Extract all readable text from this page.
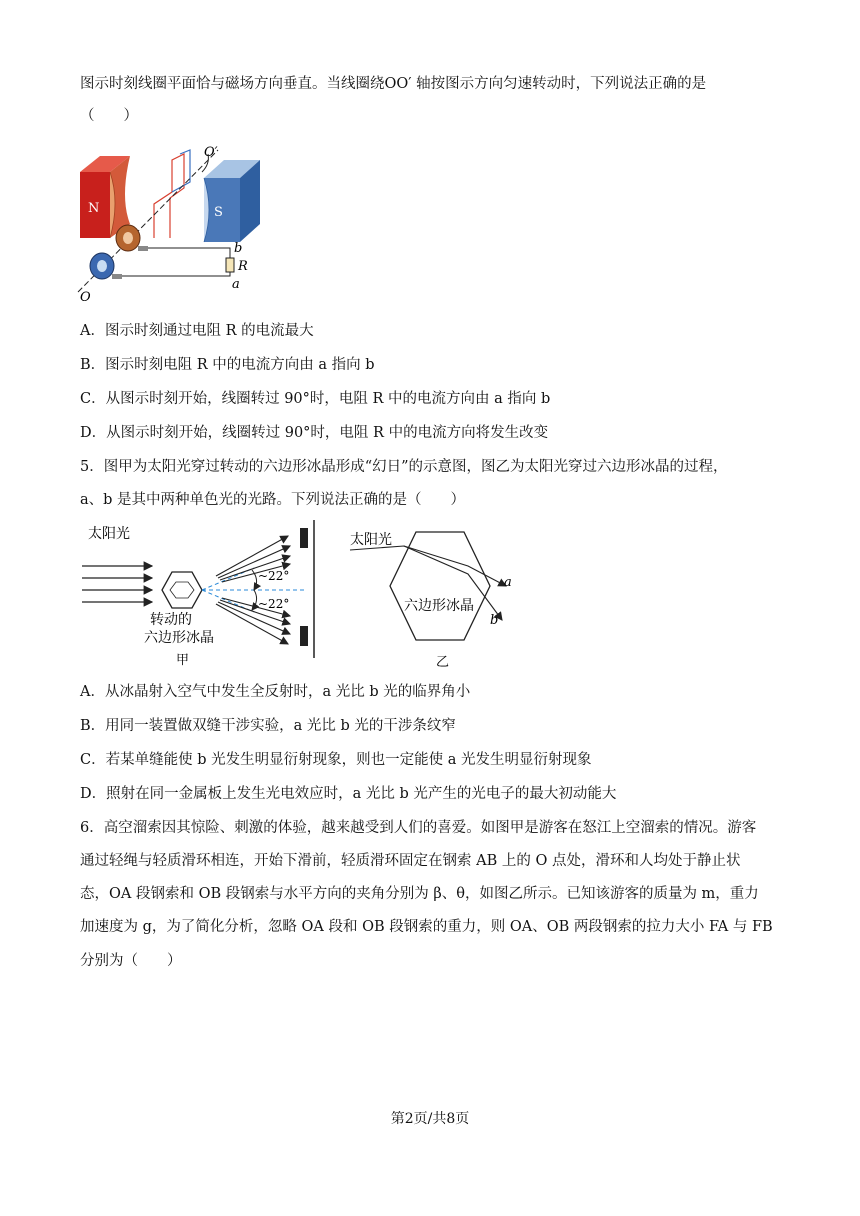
图示时刻线圈平面恰与磁场方向垂直。当线圈绕OO′ 轴按图示方向匀速转动时，下列说法正确的是
（　　）
N	S
O′
b
R
a
O
A．图示时刻通过电阻 R 的电流最大
B．图示时刻电阻 R 中的电流方向由 a 指向 b
C．从图示时刻开始，线圈转过 90°时，电阻 R 中的电流方向由 a 指向 b
D．从图示时刻开始，线圈转过 90°时，电阻 R 中的电流方向将发生改变
5．图甲为太阳光穿过转动的六边形冰晶形成“幻日”的示意图，图乙为太阳光穿过六边形冰晶的过程，
a、b 是其中两种单色光的光路。下列说法正确的是（　　）
太阳光
~22°
~22°
转动的
六边形冰晶
甲
太阳光
六边形冰晶
a
b
乙
A．从冰晶射入空气中发生全反射时，a 光比 b 光的临界角小
B．用同一装置做双缝干涉实验，a 光比 b 光的干涉条纹窄
C．若某单缝能使 b 光发生明显衍射现象，则也一定能使 a 光发生明显衍射现象
D．照射在同一金属板上发生光电效应时，a 光比 b 光产生的光电子的最大初动能大
6．高空溜索因其惊险、刺激的体验，越来越受到人们的喜爱。如图甲是游客在怒江上空溜索的情况。游客
通过轻绳与轻质滑环相连，开始下滑前，轻质滑环固定在钢索 AB 上的 O 点处，滑环和人均处于静止状
态，OA 段钢索和 OB 段钢索与水平方向的夹角分别为 β、θ，如图乙所示。已知该游客的质量为 m，重力
加速度为 g，为了简化分析，忽略 OA 段和 OB 段钢索的重力，则 OA、OB 两段钢索的拉力大小 FA 与 FB
分别为（　　）
第2页/共8页
